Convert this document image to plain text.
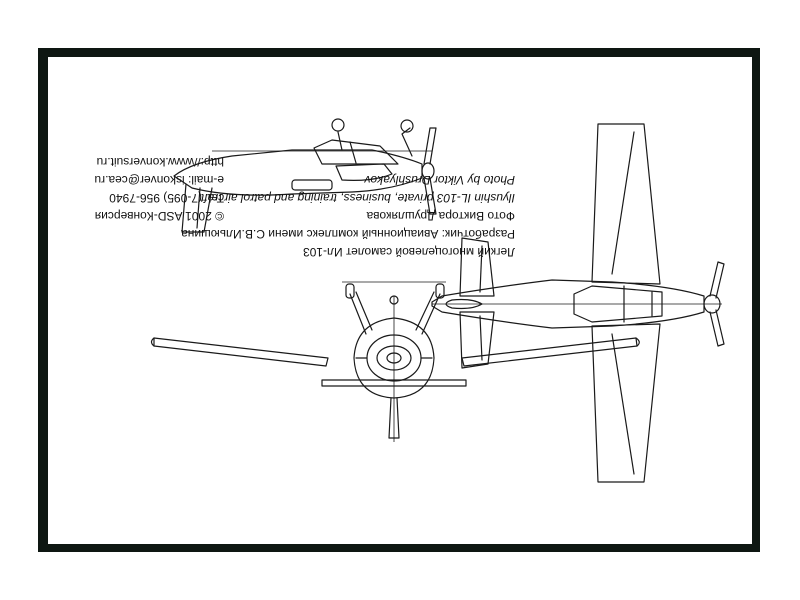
Легкий многоцелевой самолет Ил-103
Разработчик: Авиационный комплекс имени С.В.Ильюшина
Фото Виктора Друшлякова
Ilyushin IL-103 private, business, training and patrol aircraft
Photo by Viktor Drushlyakov
© 2001 ASD-Конверсия
Tel. (7-095) 956-7940
e-mail: iskonver@cea.ru
http://www.konversuit.ru
